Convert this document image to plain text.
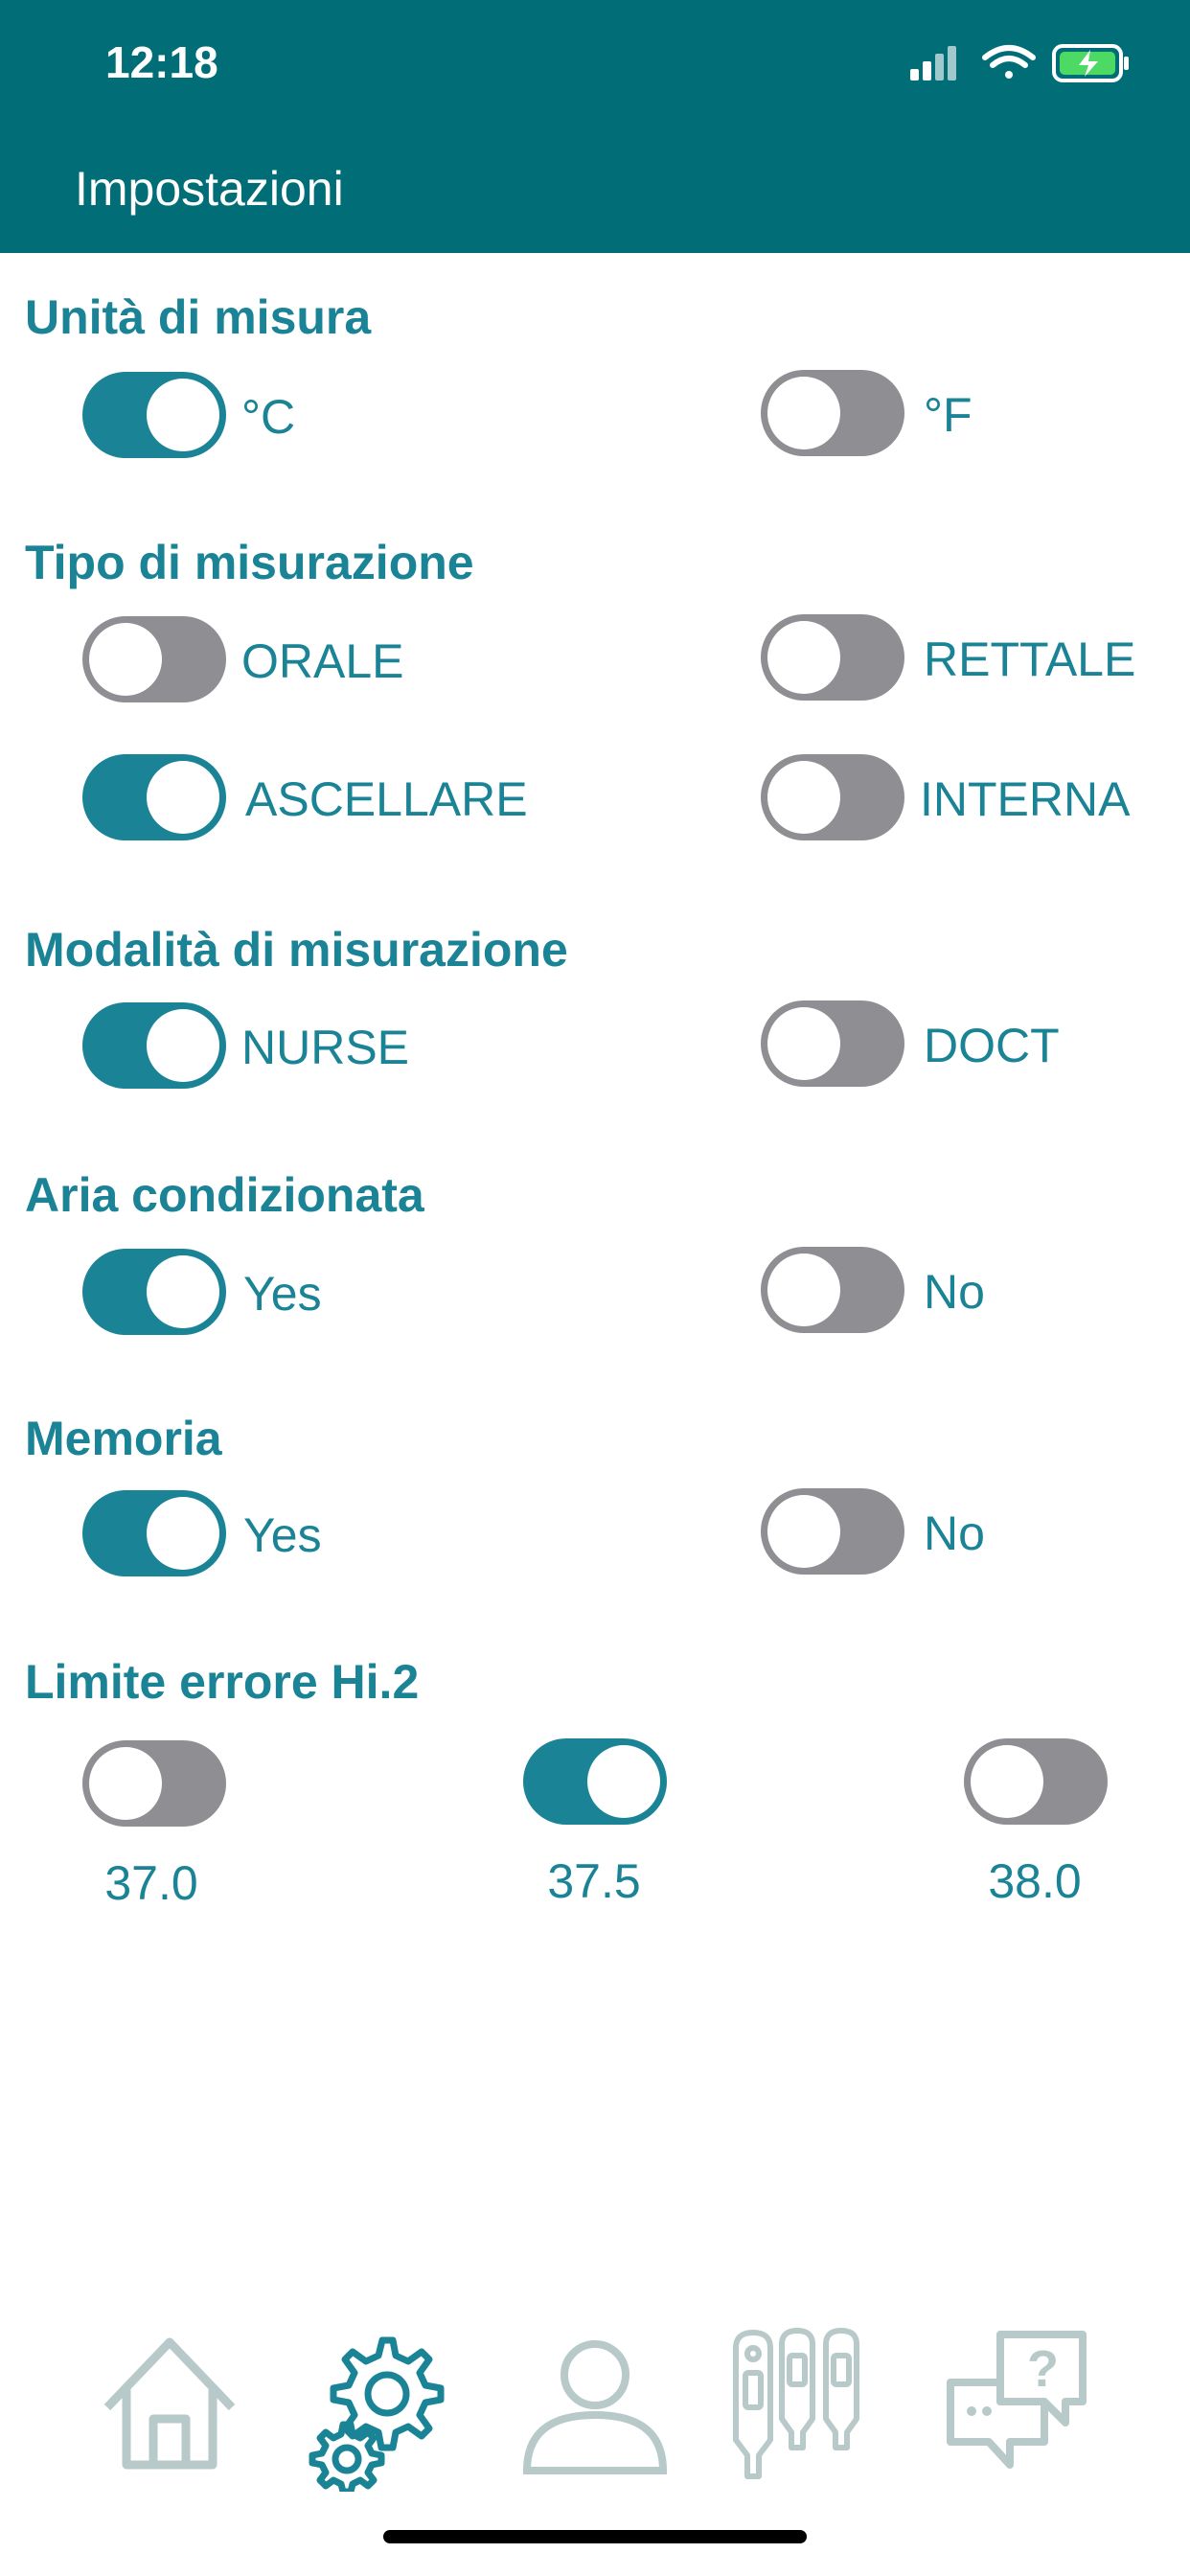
12:18
Impostazioni
Unità di misura
°C	°F
Tipo di misurazione
ORALE	RETTALE
ASCELLARE	INTERNA
Modalità di misurazione
NURSE	DOCT
Aria condizionata
Yes	No
Memoria
Yes	No
Limite errore Hi.2
37.0	37.5	38.0
?
